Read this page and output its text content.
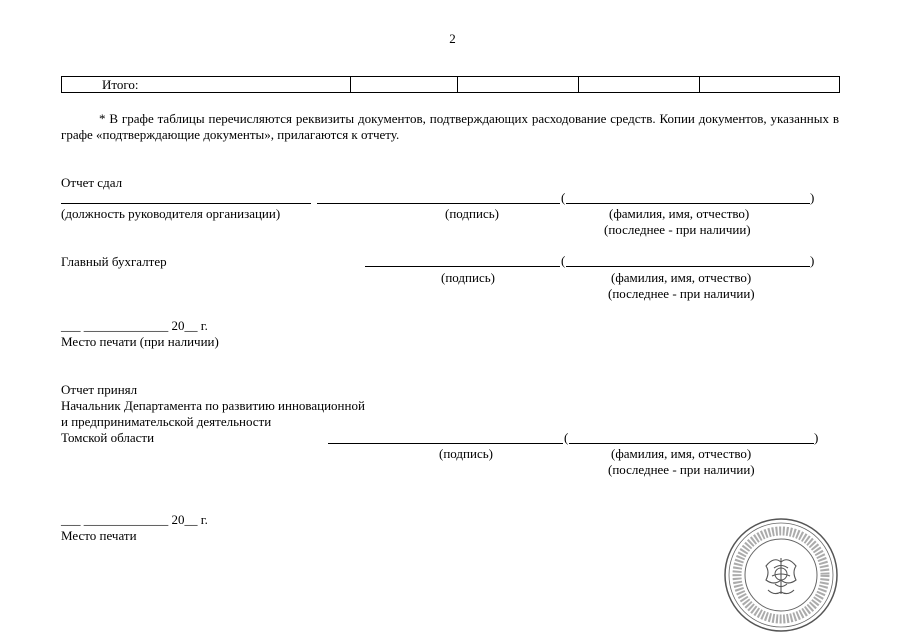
2
Итого:				
* В графе таблицы перечисляются реквизиты документов, подтверждающих расходование средств. Копии документов, указанных в графе «подтверждающие документы», прилагаются к отчету.
Отчет сдал
(	)
(должность руководителя организации)	(подпись)	(фамилия, имя, отчество)
(последнее - при наличии)
Главный бухгалтер	(	)
(подпись)	(фамилия, имя, отчество)
(последнее - при наличии)
___ _____________ 20__ г.
Место печати (при наличии)
Отчет принял
Начальник Департамента по развитию инновационной
и предпринимательской деятельности
Томской области	(	)
(подпись)	(фамилия, имя, отчество)
(последнее - при наличии)
___ _____________ 20__ г.
Место печати
